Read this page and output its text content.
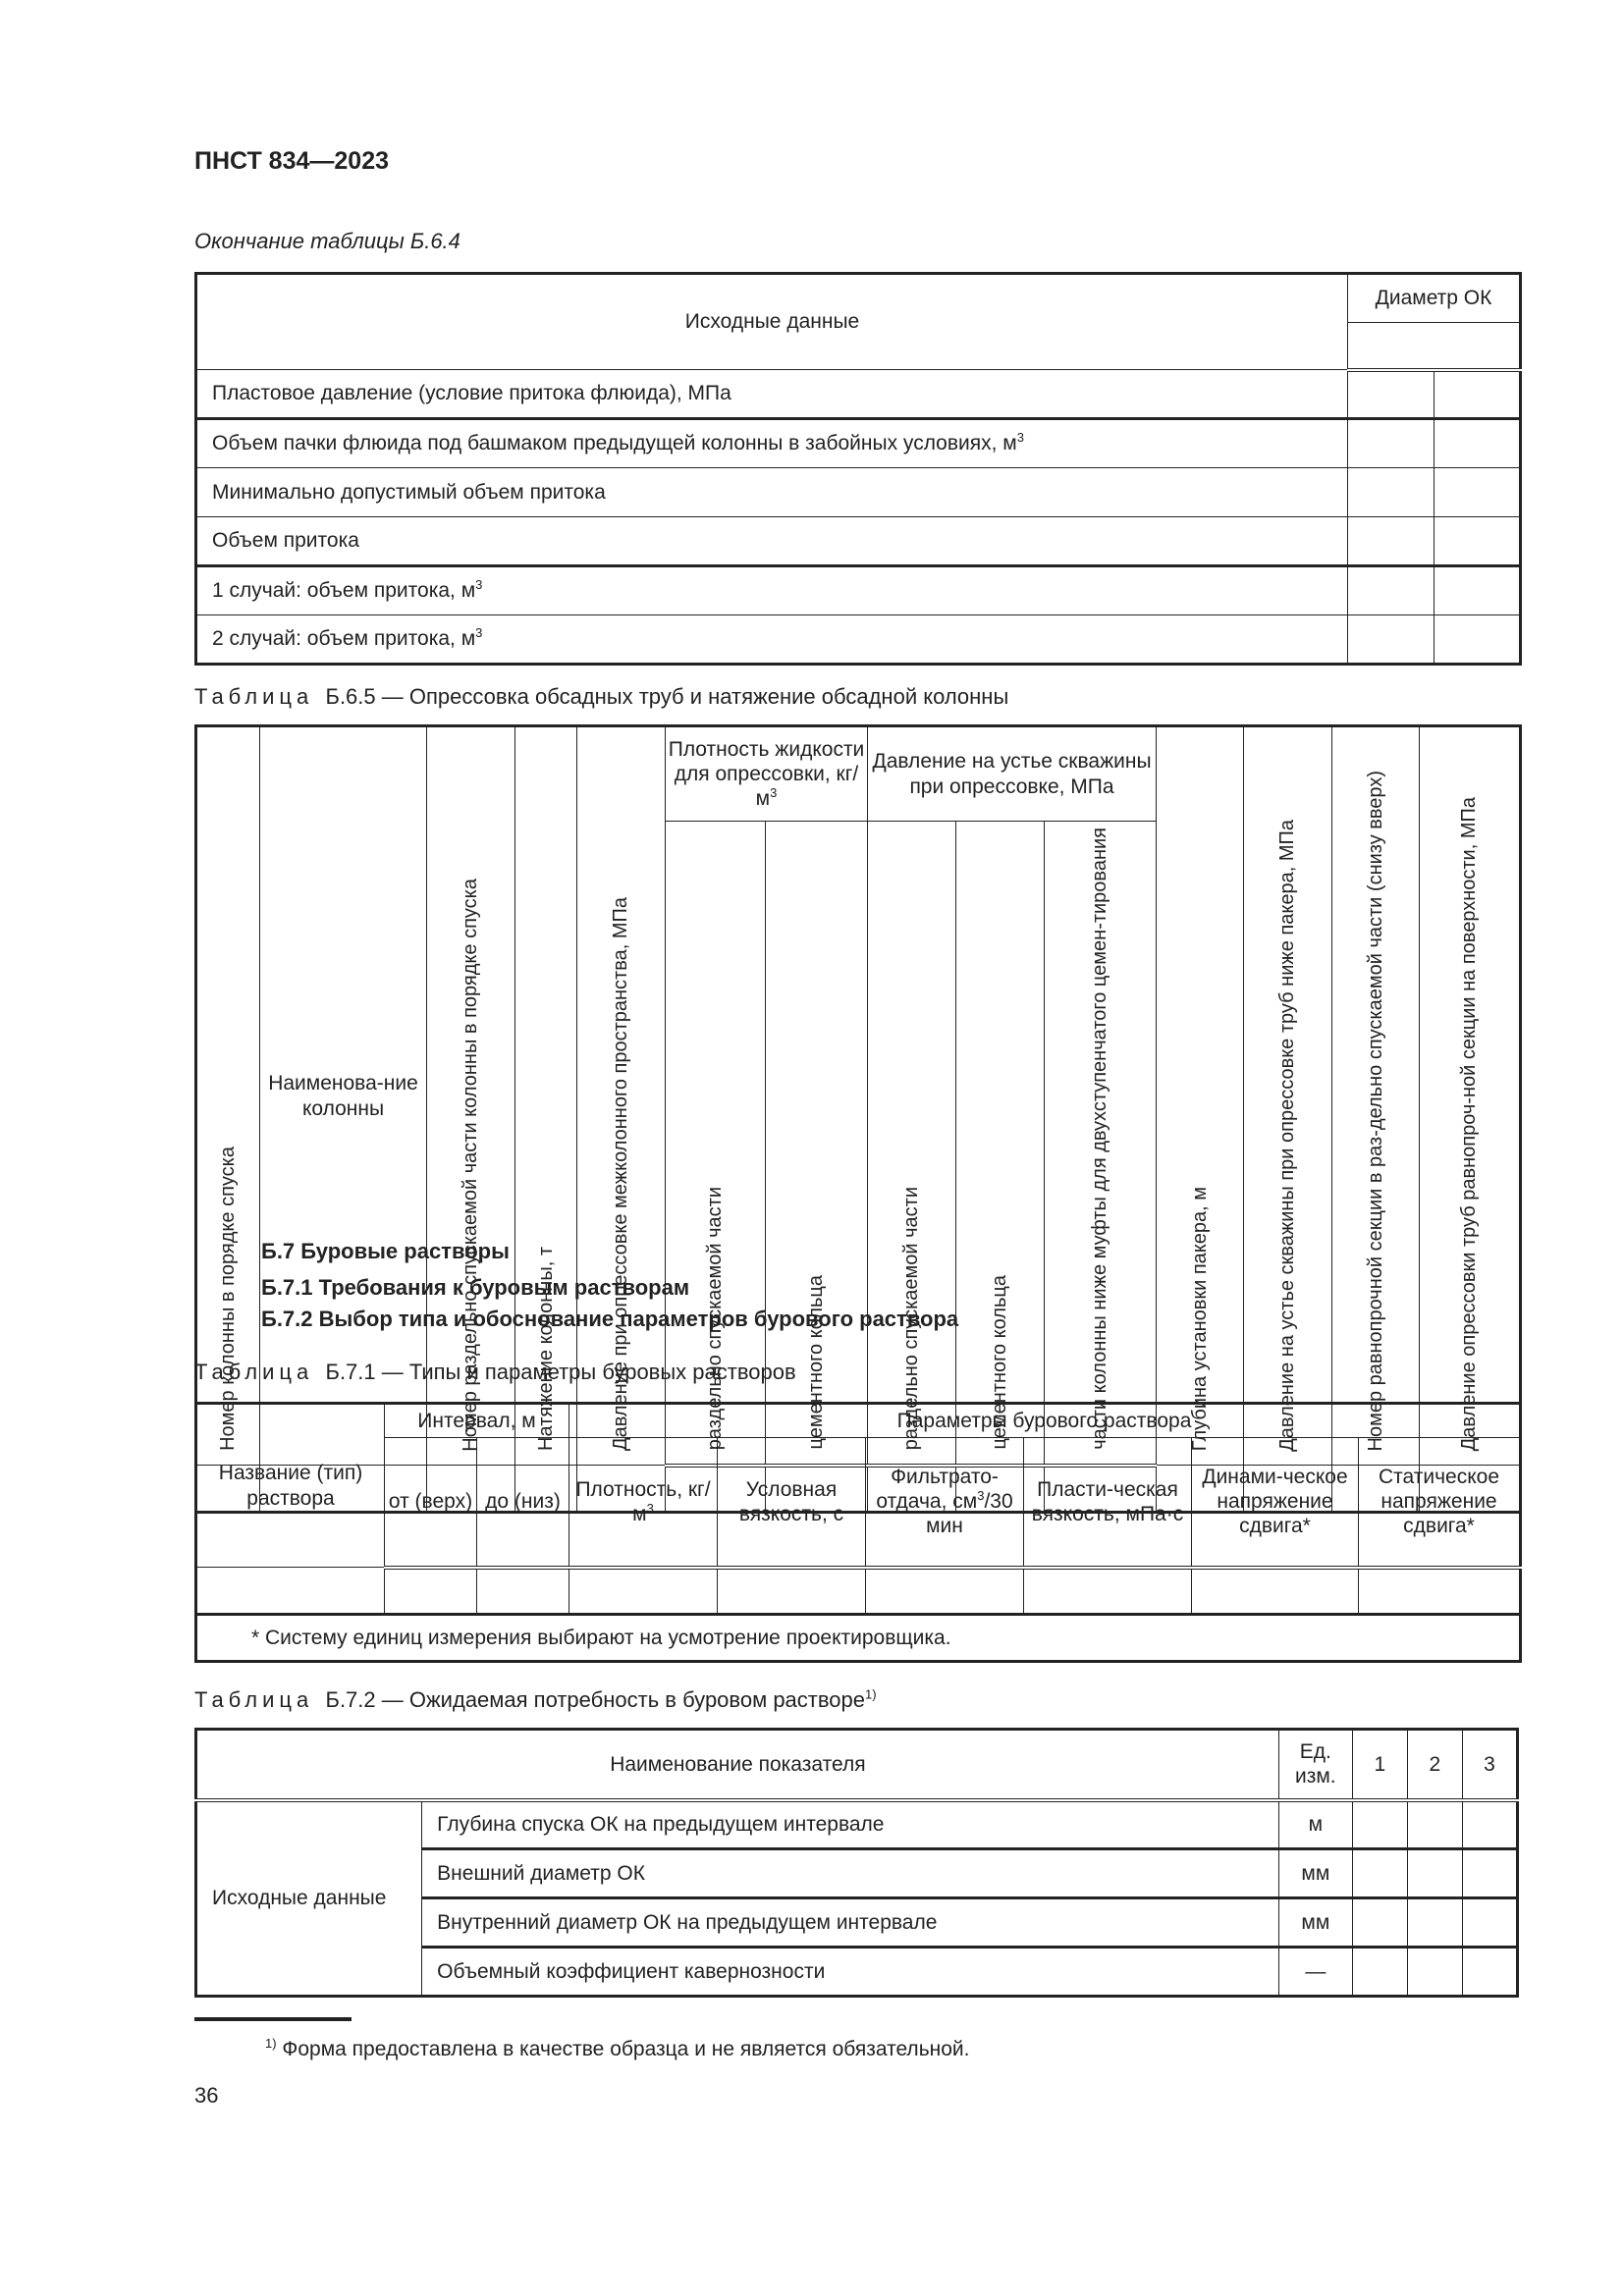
ПНСТ 834—2023
Окончание таблицы Б.6.4
Исходные данные	Диаметр ОК	

Пластовое давление (условие притока флюида), МПа		
Объем пачки флюида под башмаком предыдущей колонны в забойных условиях, $м^3$		
Минимально допустимый объем притока		
Объем притока		
1 случай: объем притока, $м^3$		
2 случай: объем притока, $м^3$		
Таблица Б.6.5 — Опрессовка обсадных труб и натяжение обсадной колонны
Номер колонны в порядке спуска	Наименова-ние колонны	Номер раздельно спускаемой части колонны в порядке спуска	Натяжение колонны, т	Давление при опрессовке межколонного пространства, МПа	Плотность жидкости для опрессовки, $кг/м^3$		Давление на устье скважины при опрессовке, МПа			Глубина установки пакера, м	Давление на устье скважины при опрессовке труб ниже пакера, МПа	Номер равнопрочной секции в раз-дельно спускаемой части (снизу вверх)	Давление опрессовки труб равнопроч-ной секции на поверхности, МПа

					раздельно спускаемой части	цементного кольца	раздельно спускаемой части	цементного кольца	части колонны ниже муфты для двухступенчатого цемен-тирования				

Б.7 Буровые растворы
Б.7.1 Требования к буровым растворам
Б.7.2 Выбор типа и обоснование параметров бурового раствора
Таблица Б.7.1 — Типы и параметры буровых растворов
Название (тип) раствора	Интервал, м		Параметры бурового раствора					
	от (верх)	до (низ)	Плотность, $кг/м^3$	Условная вязкость, с	Фильтрато-отдача, $см^3/30$ мин	Пласти-ческая вязкость, мПа·с	Динами-ческое напряжение сдвига*	Статическое напряжение сдвига*

* Систему единиц измерения выбирают на усмотрение проектировщика.								
Таблица Б.7.2 — Ожидаемая потребность в буровом растворе$^{1)}$
Наименование показателя		Ед. изм.	1	2	3
Исходные данные	Глубина спуска ОК на предыдущем интервале	м			
	Внешний диаметр ОК	мм			
	Внутренний диаметр ОК на предыдущем интервале	мм			
	Объемный коэффициент кавернозности	—			
$^{1)}$ Форма предоставлена в качестве образца и не является обязательной.
36
